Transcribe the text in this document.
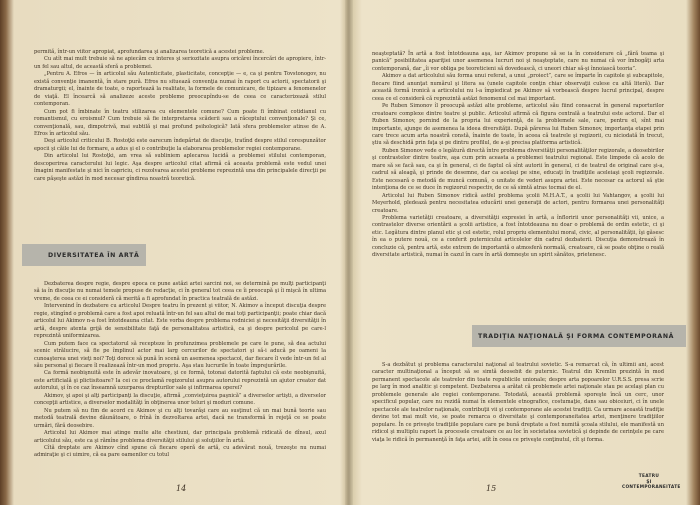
permită, într-un viitor apropiat, aprofundarea şi analizarea teoretică a acestei probleme.

Cu atît mai mult trebuie să ne apiecăm cu interes şi seriozitate asupra oricărei încercări de apropiere, într-un fel sau altul, de această sferă a problemei.

„Pentru A. Efros — în articolul său Autenticitate, plasticitate, concepţie — e, ca şi pentru Tovstonogov, nu există convenţie imanentă, în stare pură. Efros nu situează convenţia numai în raport cu actorii, spectatorii şi dramaturgii; el, înainte de toate, o raportează la realitate, la formele de comunicare, de tipizare a fenomenelor de viaţă. El încearcă să analizeze aceste probleme preocupîndu-se de ceea ce caracterizează stilul contemporan.

Cum pot fi îmbinate în teatru stilizarea cu elementele comune? Cum poate fi îmbinat cotidianul cu romantismul, cu eroismul? Cum trebuie să fie interpretarea scăderii sau a răceptului convenţionale? Şi ce, convenţională, sau, dimpotrivă, mai subtilă şi mai profund psihologică? Iată sfera problemelor atinse de A. Efros în articolul său.

Deşi articolul criticului B. Rostoţki este oarecum îndepărtat de discuţie, tratînd despre stilul corespunzător epocii şi căile lui de formare, a adus şi el o contribuţie la elaborarea problemelor regiei contemporane.

Din articolul lui Rostoţki, am vrea să subliniem aplecarea lucidă a problemei stilului contemporan, descoperirea caracterului lui legic. Aşa despre articolul citat afirmă că aceasta problemă este vedul unei îmagini manifestate şi nici în capriciu, ci rezolvarea acestei probleme reprezintă una din principalele direcţii pe care păşeşte astăzi în mod necesar gîndirea noastră teoretică.

DIVERSITATEA ÎN ARTĂ

Dezbaterea despre regie, despre epoca ce pune astăzi artei sarcini noi, se determină pe mulţi participanţi să ia în discuţie nu numai temele propuse de redacţie, ci în general tot ceea ce îi preocupă şi îi mişcă în ultima vreme, de ceea ce ei consideră că merită a fi aprofundat în practica teatrală de astăzi.

Intervenind în dezbatere cu articolul Despre teatru în prezent şi viitor, N. Akimov a început discuţia despre regie, stingînd o problemă care a fost apoi reluată într-un fel sau altul de mai toţi participanţii; poate chiar dacă articolul lui Akimov n-a fost întotdeauna citat. Este vorba despre problema rodniciei şi necesităţii diversităţii în artă, despre atenta grijă de sensibilitate faţă de personalitatea artistică, ca şi despre pericolul pe care-l reprezintă uniformizarea.

Cum putem face ca spectatorul să recepteze în profunzimea problemele pe care le pune, să dea actului scenic strălucire, să fie pe împlinul actor mai larg cercurilor de spectatori şi să-i aducă pe oameni la cunoaşterea unei vieţi noi? Toţi dorece să pună în scenă un asemenea spectacol, dar fiecare îl vede într-un fel al său personal şi fiecare îl realizează într-un mod propriu. Aşa stau lucrurile în toate împrejurările.

Ca formă neobişnuită este în adevăr inovatoare, şi ce formă, totonai datorită faptului că este neobişnuită, este artificială şi plictisitoare? Ia cei ce proclamă regizorului asupra autorului reprezintă un ajutor creator dat autorului, şi în ce caz înseamnă uzurparea drepturilor sale şi infirmarea operei?

Akimov, şi apoi şi alţi participanţi la discuţie, afirmă „convieţuirea paşnică” a diverselor artişti, a diverselor concepţii artistice, a diverselor modalităţi în obţinerea unor teluri şi moduri comune.

Nu putem să nu fim de acord cu Akimov şi cu alţi tovarăşi care au susţinut că un mai bună teorie sau metodă teatrală devine dăunătoare, o frînă în dezvoltarea artei, dacă ne transformă în rejeţă ce se poate urmări, fără deosebire.

Articolul lui Akimov mai atinge multe alte chestiuni, dar principala problemă ridicată de dînsul, axul articolului său, este ca şi rămîne problema diversităţii stilului şi soluţiilor în artă.

Cîtă dreptate are Akimov cînd spune că fiecare operă de artă, cu adevărat nouă, trezeşte nu numai admiraţie şi ci uimire, că ea pare oamenilor cu totul

14

neaşteptată? În artă a fost întotdeauna aşa, iar Akimov propune să se ia în considerare că „fără teama şi panică” posibilitatea apariţiei unor asemenea lucruri noi şi neaşteptate, care nu numai că vor îmbogăţi arta contemporană, dar „îi vor obliga pe teoreticieni să dovedească, ci uneori chiar să-şi înnoiască teoria”.

Akimov a dat articolului său forma unui referat, a unui „proiect”, care se împarte în capitole şi subcapitole, fiecare fiind anunţat numărul şi litera sa (unele capitole conţin chiar observaţii culese cu altă literă). Dar această formă ironică a articolului nu l-a împiedicat pe Akimov să vorbească despre lucrul principal, despre ceea ce el consideră că reprezintă astăzi fenomenul cel mai important.

Pe Ruben Simonov îl preocupă astăzi alte probleme, articolul său fiind consacrat în general raporturilor creatoare complexe dintre teatre şi public. Articolul afirmă că figura centrală a teatrului este actorul. Dar el Ruben Simonov, pornind de la propria lui experienţă, de la problemele sale, care, pentru el, sînt mai importante, ajunge de asemenea la ideea diversităţii. După părerea lui Ruben Simonov, importanţa etapei prin care trece acum arta noastră constă, înainte de toate, în aceea că teatrele şi regizorii, cu niciodată în trecut, ştiu să deschidă prin faţa şi pe dintru profilul, de a-şi precisa platforma artistică.

Ruben Simonov vede o legătură directă între problema diversităţii personalităţilor regizorale, a deosebirilor şi contrastelor dintre teatre, aşa cum prin aceasta a problemei teatrului regional. Este limpede că acolo de mare să se facă sau, ca şi în general, ci de faptul că sînt autorii în general, ci de teatrul de original care şi-a, cadrul să aleagă, şi prinde de desemne, dar ca acelaşi pe sine, educaţi în tradiţiile aceleiaşi şcoli regizorale. Este necesară o metodă de muncă comună, o unitate de vederi asupra artei. Este necesar ca actorul să ştie intenţiona de ce se duce în regizorul respectiv, de ce să simtă atras tocmai de el.

Articolul lui Ruben Simonov ridică astfel problema şcolii M.H.A.T., a şcolii lui Vahtangov, a şcolii lui Meyerhold, pledează pentru necesitatea educării unei generaţii de actori, pentru formarea unei personalităţi creatoare.

Problema varietăţii creatoare, a diversităţii expresiei în artă, a înfloririi unor personalităţi vii, unice, a contrastelor diverse orientării a şcolii artistice, a fost întotdeauna nu doar o problemă de ordin estetic, ci şi etic. Legătura dintre planul etic şi cel estetic, rolul propriu elementului moral, civic, al personalităţii, îşi găsesc în ea o putere nouă, ce a conferit puternicului articolelor din cadrul dezbaterii. Discuţia demonstrează în concluzie că, pentru artă, este extrem de importantă o atmosferă normală, creatoare, că se poate obţine o reală diversitate artistică, numai în cazul în care în artă domneşte un spirit sănătos, prietenesc.

TRADIŢIA NAŢIONALĂ ŞI FORMA CONTEMPORANĂ

S-a dezbătut şi problema caracterului naţional al teatrului sovietic. S-a remarcat că, în ultimii ani, acest caracter multinaţional a început să se simtă deosebit de puternic. Teatrul din Kremlin prezintă în mod permanent spectacole ale teatrelor din toate republicile unionale; despre arta popoarelor U.R.S.S. presa scrie pe larg în mod analitic şi competent. Dezbaterea a arătat că problemele artei naţionale stau pe acelaşi plan cu problemele generale ale regiei contemporane. Totodată, această problemă sporeşte încă un cerc, unor specificul popular, care nu rezidă numai în elementele etnografice, costumaţie, dans sau obiceiuri, ci în unele spectacole ale teatrelor naţionale, contribuţii vii şi contemporane ale acestei tradiţii. Ca urmare această tradiţie devine tot mai mult vie, se poate remarca o diversitate şi contemporaneitatea artei, menţinere tradiţiilor populare. În ce priveşte tradiţiile populare care pe bună dreptate a fost numită şcoala stilului, ele manifestă un ridicol şi multiplu raport la procesele creatoare ce au loc în societatea sovietică şi depinde de cerinţele pe care viaţa le ridică în permanenţă în faţa artei, atît în ceea ce priveşte conţinutul, cît şi forma.

15
TEATRU
ŞI
CONTEMPORANEITATE
